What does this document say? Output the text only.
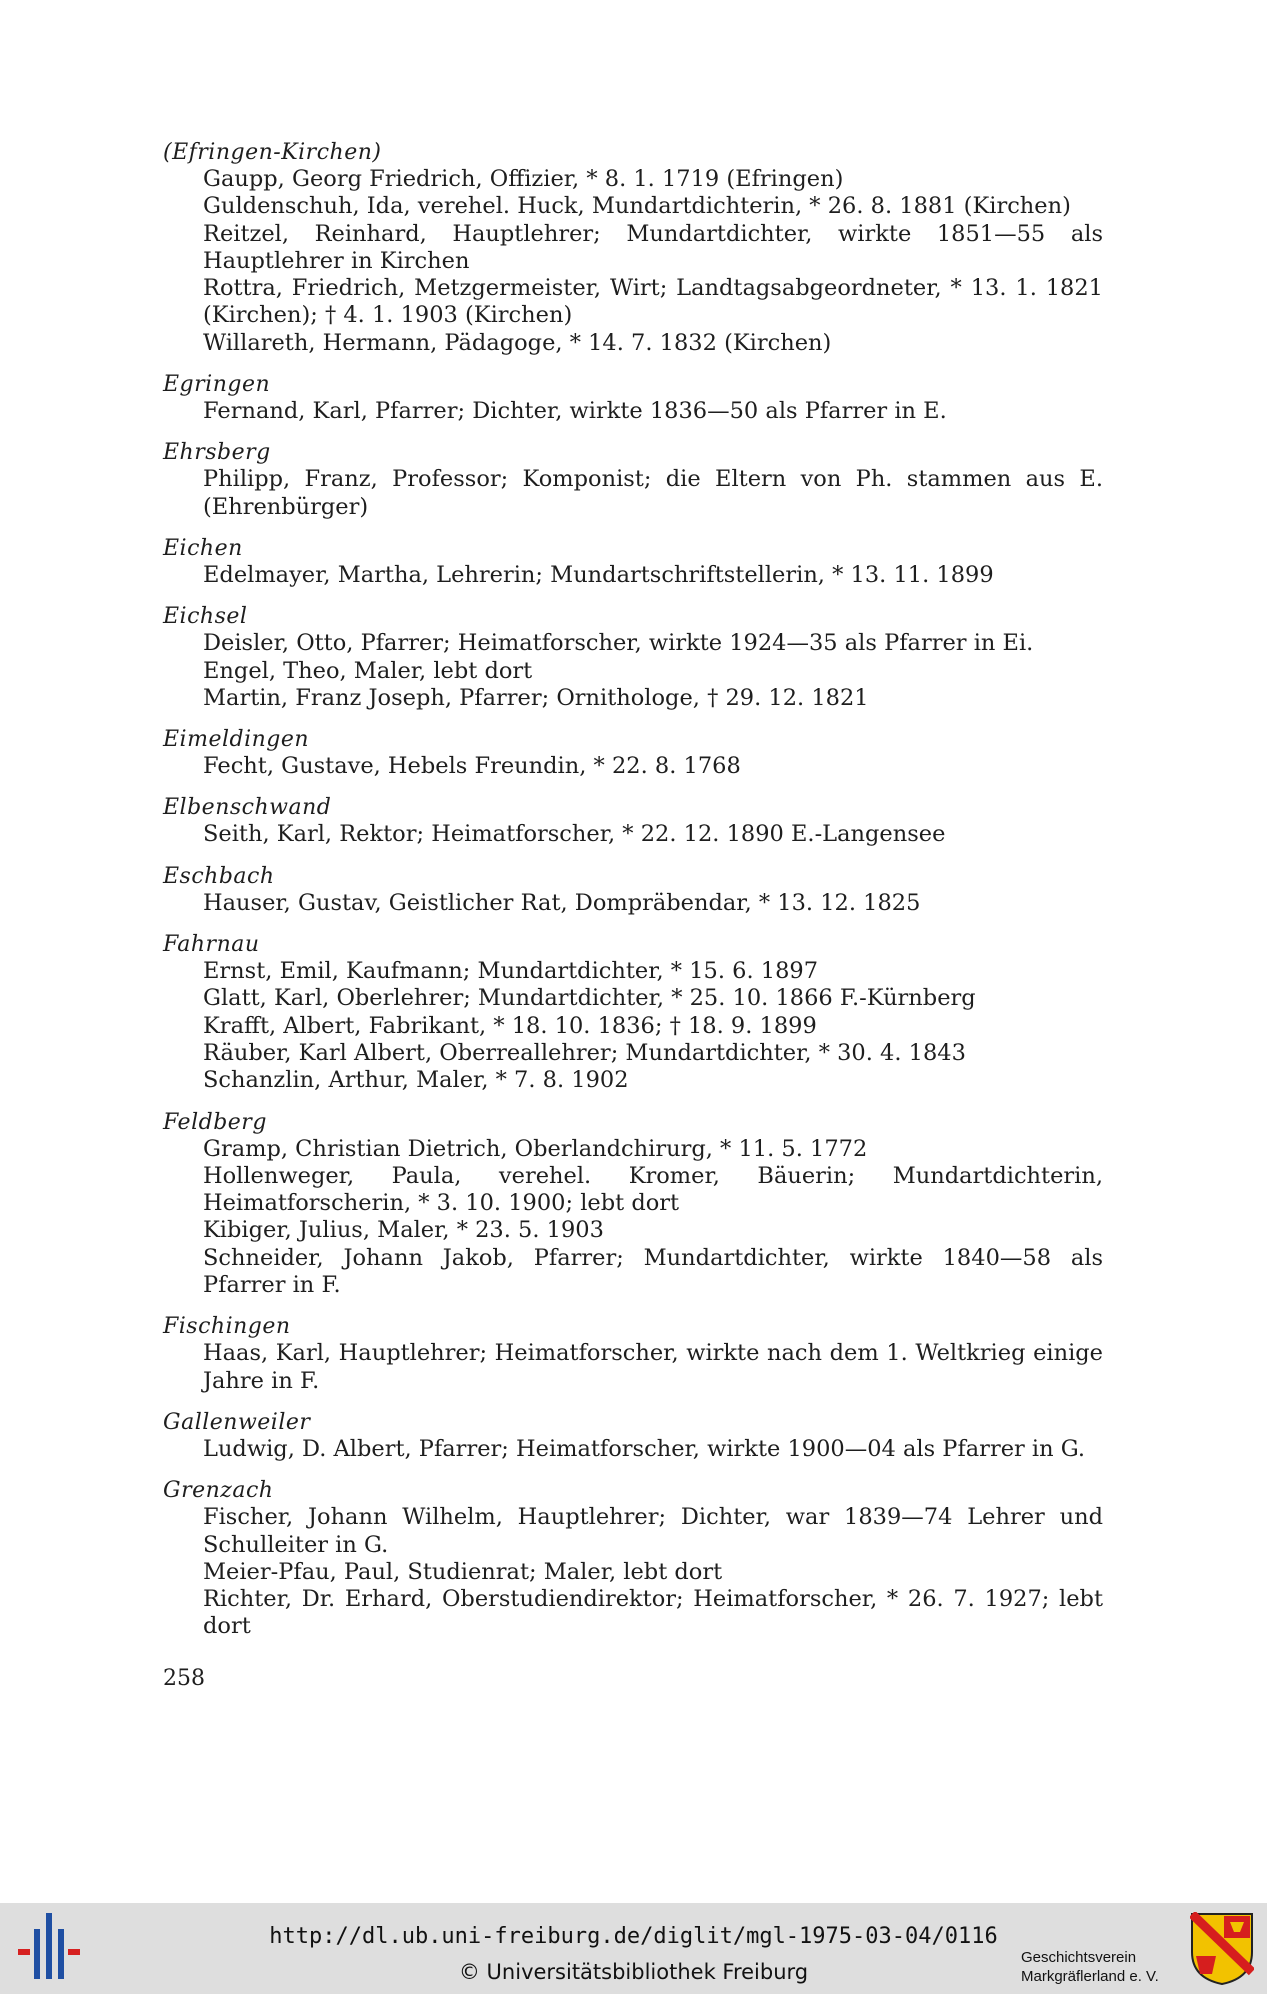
(Efringen-Kirchen)
Gaupp, Georg Friedrich, Offizier, * 8. 1. 1719 (Efringen)
Guldenschuh, Ida, verehel. Huck, Mundartdichterin, * 26. 8. 1881 (Kirchen)
Reitzel, Reinhard, Hauptlehrer; Mundartdichter, wirkte 1851—55 als Hauptlehrer in Kirchen
Rottra, Friedrich, Metzgermeister, Wirt; Landtagsabgeordneter, * 13. 1. 1821 (Kirchen); † 4. 1. 1903 (Kirchen)
Willareth, Hermann, Pädagoge, * 14. 7. 1832 (Kirchen)
Egringen
Fernand, Karl, Pfarrer; Dichter, wirkte 1836—50 als Pfarrer in E.
Ehrsberg
Philipp, Franz, Professor; Komponist; die Eltern von Ph. stammen aus E. (Ehrenbürger)
Eichen
Edelmayer, Martha, Lehrerin; Mundartschriftstellerin, * 13. 11. 1899
Eichsel
Deisler, Otto, Pfarrer; Heimatforscher, wirkte 1924—35 als Pfarrer in Ei.
Engel, Theo, Maler, lebt dort
Martin, Franz Joseph, Pfarrer; Ornithologe, † 29. 12. 1821
Eimeldingen
Fecht, Gustave, Hebels Freundin, * 22. 8. 1768
Elbenschwand
Seith, Karl, Rektor; Heimatforscher, * 22. 12. 1890 E.-Langensee
Eschbach
Hauser, Gustav, Geistlicher Rat, Dompräbendar, * 13. 12. 1825
Fahrnau
Ernst, Emil, Kaufmann; Mundartdichter, * 15. 6. 1897
Glatt, Karl, Oberlehrer; Mundartdichter, * 25. 10. 1866 F.-Kürnberg
Krafft, Albert, Fabrikant, * 18. 10. 1836; † 18. 9. 1899
Räuber, Karl Albert, Oberreallehrer; Mundartdichter, * 30. 4. 1843
Schanzlin, Arthur, Maler, * 7. 8. 1902
Feldberg
Gramp, Christian Dietrich, Oberlandchirurg, * 11. 5. 1772
Hollenweger, Paula, verehel. Kromer, Bäuerin; Mundartdichterin, Heimatforscherin, * 3. 10. 1900; lebt dort
Kibiger, Julius, Maler, * 23. 5. 1903
Schneider, Johann Jakob, Pfarrer; Mundartdichter, wirkte 1840—58 als Pfarrer in F.
Fischingen
Haas, Karl, Hauptlehrer; Heimatforscher, wirkte nach dem 1. Weltkrieg einige Jahre in F.
Gallenweiler
Ludwig, D. Albert, Pfarrer; Heimatforscher, wirkte 1900—04 als Pfarrer in G.
Grenzach
Fischer, Johann Wilhelm, Hauptlehrer; Dichter, war 1839—74 Lehrer und Schulleiter in G.
Meier-Pfau, Paul, Studienrat; Maler, lebt dort
Richter, Dr. Erhard, Oberstudiendirektor; Heimatforscher, * 26. 7. 1927; lebt dort
258
http://dl.ub.uni-freiburg.de/diglit/mgl-1975-03-04/0116
© Universitätsbibliothek Freiburg
Geschichtsverein
Markgräflerland e. V.
